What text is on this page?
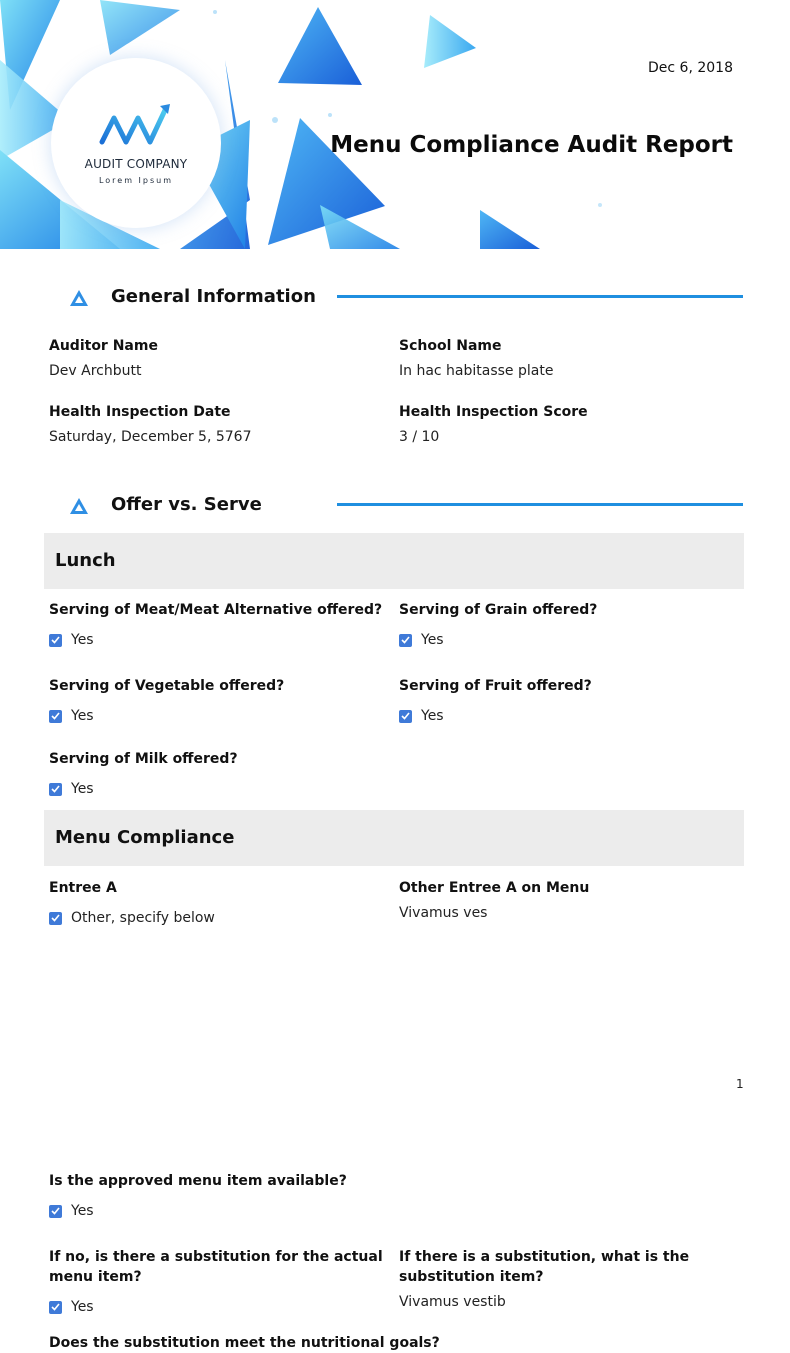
AUDIT COMPANY
Lorem Ipsum
Dec 6, 2018
Menu Compliance Audit Report
General Information
Auditor Name
Dev Archbutt
School Name
In hac habitasse plate
Health Inspection Date
Saturday, December 5, 5767
Health Inspection Score
3 / 10
Offer vs. Serve
Lunch
Serving of Meat/Meat Alternative offered?
Yes
Serving of Grain offered?
Yes
Serving of Vegetable offered?
Yes
Serving of Fruit offered?
Yes
Serving of Milk offered?
Yes
Menu Compliance
Entree A
Other, specify below
Other Entree A on Menu
Vivamus ves
1
Is the approved menu item available?
Yes
If no, is there a substitution for the actual
menu item?
Yes
If there is a substitution, what is the
substitution item?
Vivamus vestib
Does the substitution meet the nutritional goals?
